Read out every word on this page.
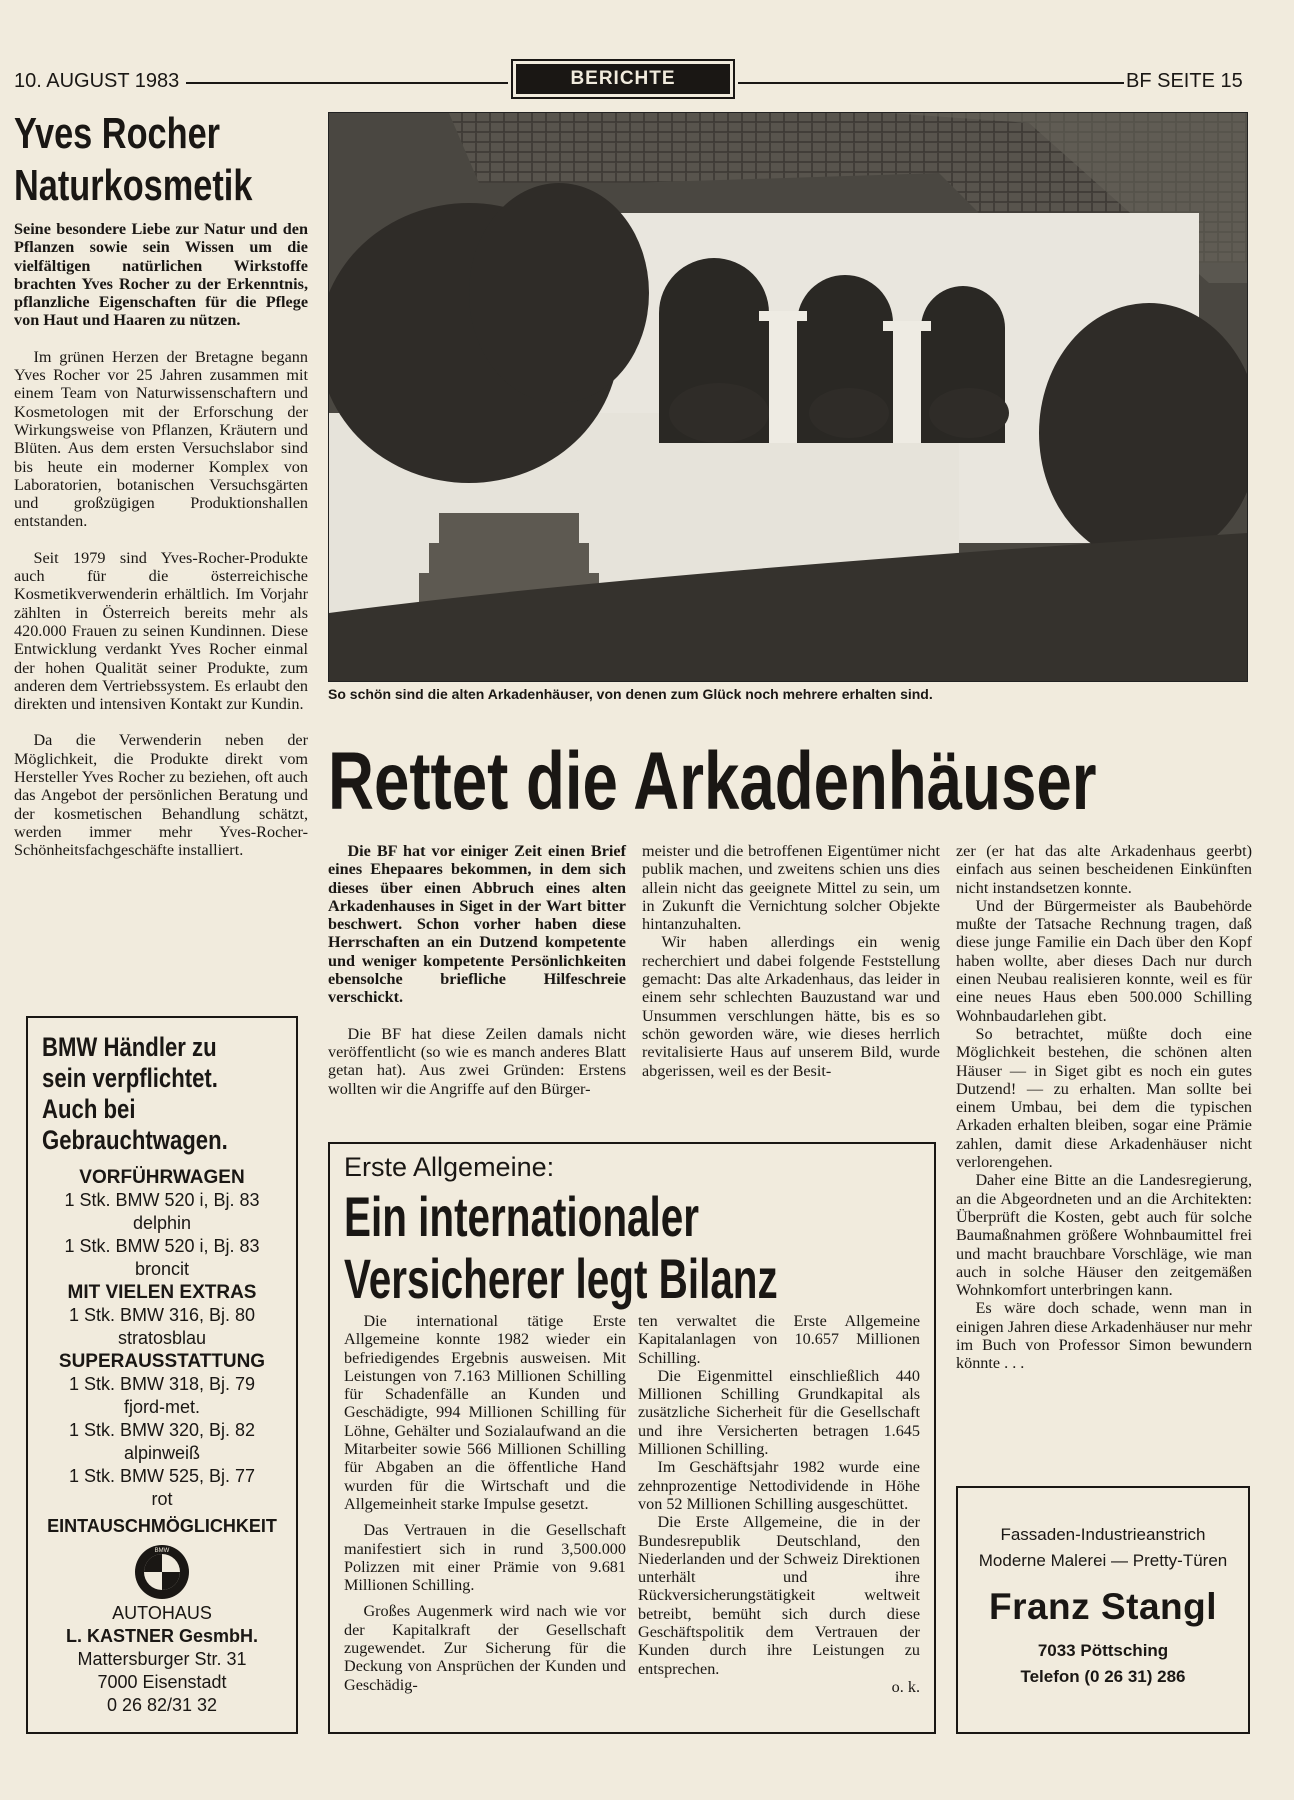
10. AUGUST 1983	BERICHTE	BF SEITE 15
Yves Rocher
Naturkosmetik

Seine besondere Liebe zur Natur und den Pflanzen sowie sein Wissen um die vielfältigen natürlichen Wirkstoffe brachten Yves Rocher zu der Erkenntnis, pflanzliche Eigenschaften für die Pflege von Haut und Haaren zu nützen.

Im grünen Herzen der Bretagne begann Yves Rocher vor 25 Jahren zusammen mit einem Team von Naturwissenschaftern und Kosmetologen mit der Erforschung der Wirkungsweise von Pflanzen, Kräutern und Blüten. Aus dem ersten Versuchslabor sind bis heute ein moderner Komplex von Laboratorien, botanischen Versuchsgärten und großzügigen Produktionshallen entstanden.

Seit 1979 sind Yves-Rocher-Produkte auch für die österreichische Kosmetikverwenderin erhältlich. Im Vorjahr zählten in Österreich bereits mehr als 420.000 Frauen zu seinen Kundinnen. Diese Entwicklung verdankt Yves Rocher einmal der hohen Qualität seiner Produkte, zum anderen dem Vertriebssystem. Es erlaubt den direkten und intensiven Kontakt zur Kundin.

Da die Verwenderin neben der Möglichkeit, die Produkte direkt vom Hersteller Yves Rocher zu beziehen, oft auch das Angebot der persönlichen Beratung und der kosmetischen Behandlung schätzt, werden immer mehr Yves-Rocher-Schönheitsfachgeschäfte installiert.

BMW Händler zu
sein verpflichtet.
Auch bei
Gebrauchtwagen.
VORFÜHRWAGEN
1 Stk. BMW 520 i, Bj. 83
delphin
1 Stk. BMW 520 i, Bj. 83
broncit
MIT VIELEN EXTRAS
1 Stk. BMW 316, Bj. 80
stratosblau
SUPERAUSSTATTUNG
1 Stk. BMW 318, Bj. 79
fjord-met.
1 Stk. BMW 320, Bj. 82
alpinweiß
1 Stk. BMW 525, Bj. 77
rot
EINTAUSCHMÖGLICHKEIT
BMW
AUTOHAUS
L. KASTNER GesmbH.
Mattersburger Str. 31
7000 Eisenstadt
0 26 82/31 32
So schön sind die alten Arkadenhäuser, von denen zum Glück noch mehrere erhalten sind.
Rettet die Arkadenhäuser

Die BF hat vor einiger Zeit einen Brief eines Ehepaares bekommen, in dem sich dieses über einen Abbruch eines alten Arkadenhauses in Siget in der Wart bitter beschwert. Schon vorher haben diese Herrschaften an ein Dutzend kompetente und weniger kompetente Persönlichkeiten ebensolche briefliche Hilfeschreie verschickt.

Die BF hat diese Zeilen damals nicht veröffentlicht (so wie es manch anderes Blatt getan hat). Aus zwei Gründen: Erstens wollten wir die Angriffe auf den Bürger-

meister und die betroffenen Eigentümer nicht publik machen, und zweitens schien uns dies allein nicht das geeignete Mittel zu sein, um in Zukunft die Vernichtung solcher Objekte hintanzuhalten.

Wir haben allerdings ein wenig recherchiert und dabei folgende Feststellung gemacht: Das alte Arkadenhaus, das leider in einem sehr schlechten Bauzustand war und Unsummen verschlungen hätte, bis es so schön geworden wäre, wie dieses herrlich revitalisierte Haus auf unserem Bild, wurde abgerissen, weil es der Besit-

zer (er hat das alte Arkadenhaus geerbt) einfach aus seinen bescheidenen Einkünften nicht instandsetzen konnte.

Und der Bürgermeister als Baubehörde mußte der Tatsache Rechnung tragen, daß diese junge Familie ein Dach über den Kopf haben wollte, aber dieses Dach nur durch einen Neubau realisieren konnte, weil es für eine neues Haus eben 500.000 Schilling Wohnbaudarlehen gibt.

So betrachtet, müßte doch eine Möglichkeit bestehen, die schönen alten Häuser — in Siget gibt es noch ein gutes Dutzend! — zu erhalten. Man sollte bei einem Umbau, bei dem die typischen Arkaden erhalten bleiben, sogar eine Prämie zahlen, damit diese Arkadenhäuser nicht verlorengehen.

Daher eine Bitte an die Landesregierung, an die Abgeordneten und an die Architekten: Überprüft die Kosten, gebt auch für solche Baumaßnahmen größere Wohnbaumittel frei und macht brauchbare Vorschläge, wie man auch in solche Häuser den zeitgemäßen Wohnkomfort unterbringen kann.

Es wäre doch schade, wenn man in einigen Jahren diese Arkadenhäuser nur mehr im Buch von Professor Simon bewundern könnte . . .

Erste Allgemeine:
Ein internationaler
Versicherer legt Bilanz

Die international tätige Erste Allgemeine konnte 1982 wieder ein befriedigendes Ergebnis ausweisen. Mit Leistungen von 7.163 Millionen Schilling für Schadenfälle an Kunden und Geschädigte, 994 Millionen Schilling für Löhne, Gehälter und Sozialaufwand an die Mitarbeiter sowie 566 Millionen Schilling für Abgaben an die öffentliche Hand wurden für die Wirtschaft und die Allgemeinheit starke Impulse gesetzt.

Das Vertrauen in die Gesellschaft manifestiert sich in rund 3,500.000 Polizzen mit einer Prämie von 9.681 Millionen Schilling.

Großes Augenmerk wird nach wie vor der Kapitalkraft der Gesellschaft zugewendet. Zur Sicherung für die Deckung von Ansprüchen der Kunden und Geschädig-

ten verwaltet die Erste Allgemeine Kapitalanlagen von 10.657 Millionen Schilling.

Die Eigenmittel einschließlich 440 Millionen Schilling Grundkapital als zusätzliche Sicherheit für die Gesellschaft und ihre Versicherten betragen 1.645 Millionen Schilling.

Im Geschäftsjahr 1982 wurde eine zehnprozentige Nettodividende in Höhe von 52 Millionen Schilling ausgeschüttet.

Die Erste Allgemeine, die in der Bundesrepublik Deutschland, den Niederlanden und der Schweiz Direktionen unterhält und ihre Rückversicherungstätigkeit weltweit betreibt, bemüht sich durch diese Geschäftspolitik dem Vertrauen der Kunden durch ihre Leistungen zu entsprechen.

o. k.

Fassaden-Industrieanstrich
Moderne Malerei — Pretty-Türen
Franz Stangl
7033 Pöttsching
Telefon (0 26 31) 286
